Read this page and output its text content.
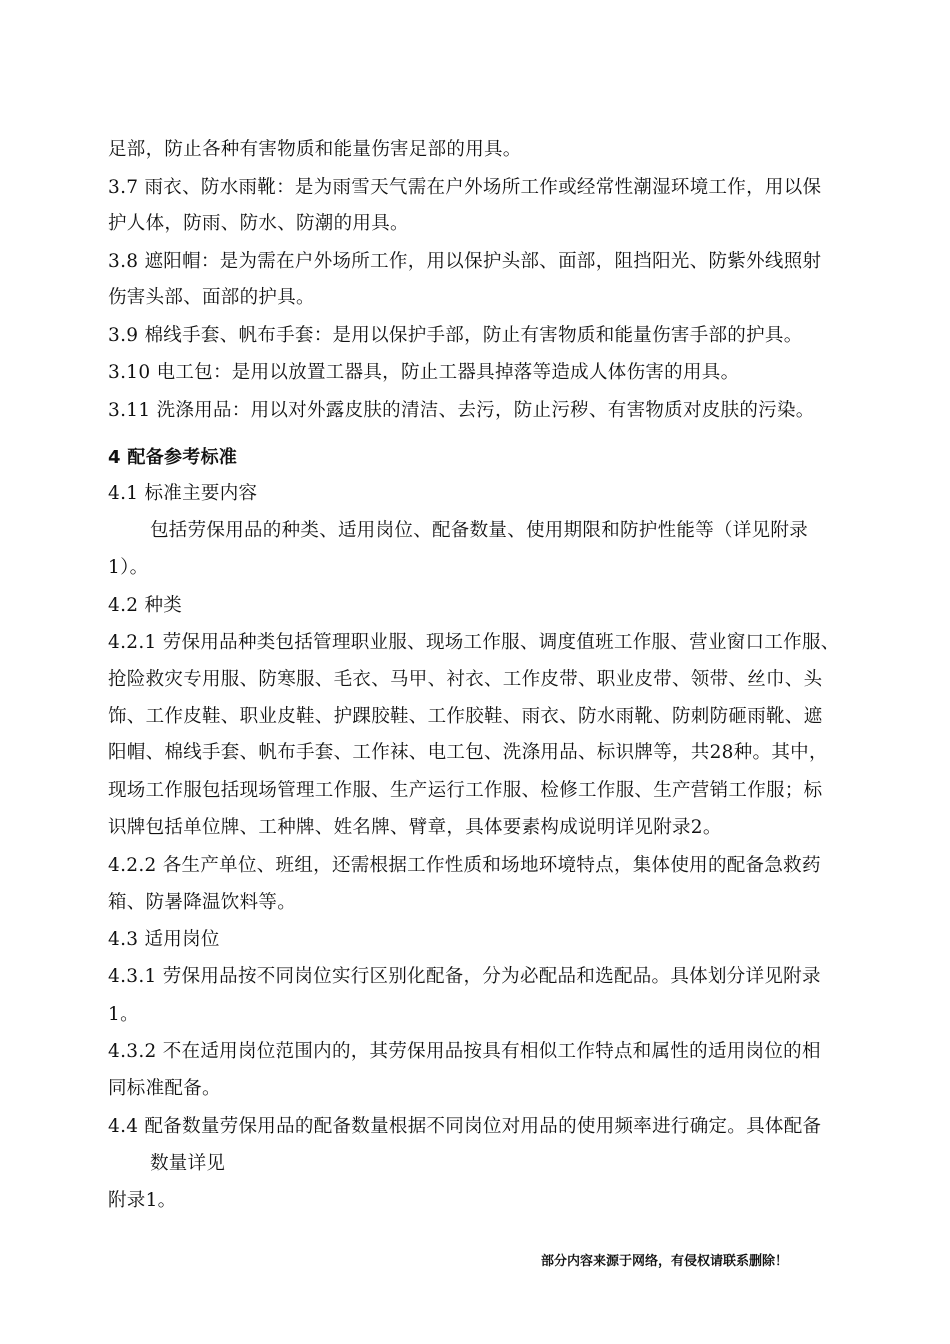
足部，防止各种有害物质和能量伤害足部的用具。
3.7 雨衣、防水雨靴：是为雨雪天气需在户外场所工作或经常性潮湿环境工作，用以保
护人体，防雨、防水、防潮的用具。
3.8 遮阳帽：是为需在户外场所工作，用以保护头部、面部，阻挡阳光、防紫外线照射
伤害头部、面部的护具。
3.9 棉线手套、帆布手套：是用以保护手部，防止有害物质和能量伤害手部的护具。
3.10 电工包：是用以放置工器具，防止工器具掉落等造成人体伤害的用具。
3.11 洗涤用品：用以对外露皮肤的清洁、去污，防止污秽、有害物质对皮肤的污染。
4 配备参考标准
4.1 标准主要内容
包括劳保用品的种类、适用岗位、配备数量、使用期限和防护性能等（详见附录
1）。
4.2 种类
4.2.1 劳保用品种类包括管理职业服、现场工作服、调度值班工作服、营业窗口工作服、
抢险救灾专用服、防寒服、毛衣、马甲、衬衣、工作皮带、职业皮带、领带、丝巾、头
饰、工作皮鞋、职业皮鞋、护踝胶鞋、工作胶鞋、雨衣、防水雨靴、防刺防砸雨靴、遮
阳帽、棉线手套、帆布手套、工作袜、电工包、洗涤用品、标识牌等，共28种。其中，
现场工作服包括现场管理工作服、生产运行工作服、检修工作服、生产营销工作服；标
识牌包括单位牌、工种牌、姓名牌、臂章，具体要素构成说明详见附录2。
4.2.2 各生产单位、班组，还需根据工作性质和场地环境特点，集体使用的配备急救药
箱、防暑降温饮料等。
4.3 适用岗位
4.3.1 劳保用品按不同岗位实行区别化配备，分为必配品和选配品。具体划分详见附录
1。
4.3.2 不在适用岗位范围内的，其劳保用品按具有相似工作特点和属性的适用岗位的相
同标准配备。
4.4 配备数量劳保用品的配备数量根据不同岗位对用品的使用频率进行确定。具体配备
数量详见
附录1。
部分内容来源于网络，有侵权请联系删除！
